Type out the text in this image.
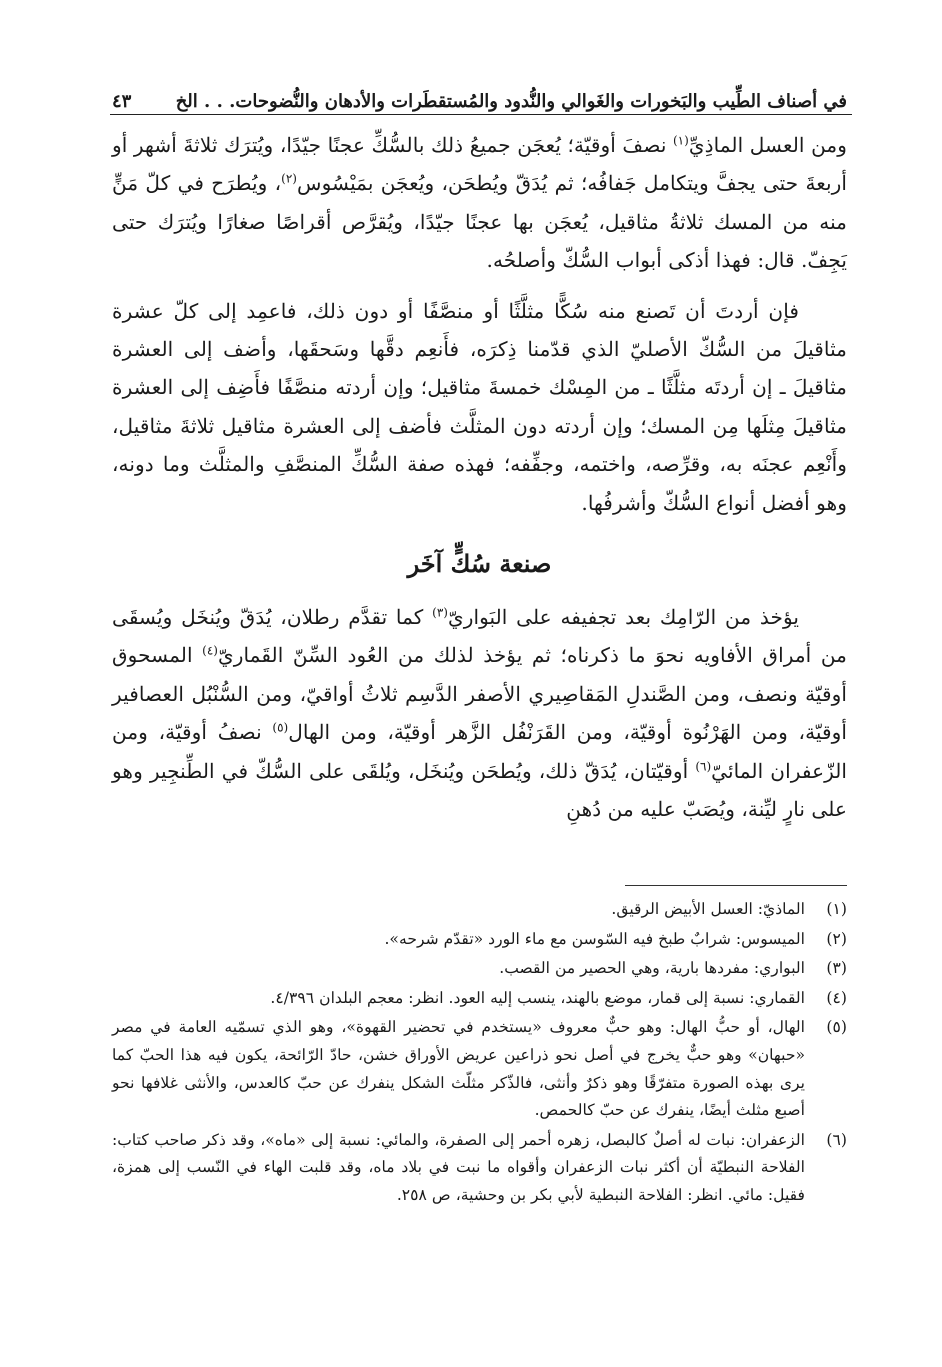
في أصناف الطِّيب والبَخورات والغَوالي والنُّدود والمُستقطَرات والأدهان والنُّضوحات. . . الخ
٤٣

ومن العسل الماذِيِّ$^{(١)}$ نصفَ أوقيّة؛ يُعجَن جميعُ ذلك بالسُّكِّ عجنًا جيّدًا، ويُترَك ثلاثةَ أشهر أو أربعةَ حتى يجفَّ ويتكامل جَفافُه؛ ثم يُدَقّ ويُطحَن، ويُعجَن بمَيْسُوس$^{(٢)}$، ويُطرَح في كلّ مَنٍّ منه من المسك ثلاثةُ مثاقيل، يُعجَن بها عجنًا جيّدًا، ويُقرَّص أقراصًا صغارًا ويُترَك حتى يَجِفّ. قال: فهذا أذكى أبواب السُّكّ وأصلحُه.

فإن أردتَ أن تَصنع منه سُكًّا مثلَّثًا أو منصَّفًا أو دون ذلك، فاعمِد إلى كلّ عشرة مثاقيلَ من السُّكّ الأصليّ الذي قدّمنا ذِكرَه، فأَنعِم دقَّها وسَحقَها، وأضف إلى العشرة مثاقيلَ ـ إن أردتَه مثلَّثًا ـ من المِسْك خمسةَ مثاقيل؛ وإن أردته منصَّفًا فأَضِف إلى العشرة مثاقيلَ مِثلَها مِن المسك؛ وإن أردته دون المثلَّث فأضف إلى العشرة مثاقيل ثلاثةَ مثاقيل، وأَنْعِم عجنَه به، وقرِّصه، واختمه، وجفِّفه؛ فهذه صفة السُّكِّ المنصَّفِ والمثلَّث وما دونه، وهو أفضل أنواع السُّكّ وأشرفُها.

صنعة سُكٍّ آخَر

يؤخذ من الرّامِك بعد تجفيفه على البَواريّ$^{(٣)}$ كما تقدَّم رطلان، يُدَقّ ويُنخَل ويُسقَى من أمراق الأفاويه نحوَ ما ذكرناه؛ ثم يؤخذ لذلك من العُود السِّنّ القَماريّ$^{(٤)}$ المسحوق أوقيّة ونصف، ومن الصَّندلِ المَقاصِيري الأصفر الدَّسِم ثلاثُ أواقيّ، ومن السُّنْبُل العصافير أوقيّة، ومن الهَرْنُوة أوقيّة، ومن القَرَنْفُل الزَّهر أوقيّة، ومن الهال$^{(٥)}$ نصفُ أوقيّة، ومن الزّعفران المائيّ$^{(٦)}$ أوقيّتان، يُدَقّ ذلك، ويُطحَن ويُنخَل، ويُلقَى على السُّكّ في الطِّنجِير وهو على نارٍ ليِّنة، ويُصَبّ عليه من دُهنِ

(١)
الماذيّ: العسل الأبيض الرقيق.
(٢)
الميسوس: شرابٌ طبخ فيه السّوسن مع ماء الورد «تقدّم شرحه».
(٣)
البواري: مفردها بارية، وهي الحصير من القصب.
(٤)
القماري: نسبة إلى قمار، موضع بالهند، ينسب إليه العود. انظر: معجم البلدان ٤/٣٩٦.
(٥)
الهال، أو حبُّ الهال: وهو حبٌّ معروف «يستخدم في تحضير القهوة»، وهو الذي تسمّيه العامة في مصر «حبهان» وهو حبٌّ يخرج في أصل نحو ذراعين عريض الأوراق خشن، حادّ الرّائحة، يكون فيه هذا الحبّ كما يرى بهذه الصورة متفرّقًا وهو ذكرٌ وأنثى، فالذّكر مثلّث الشكل ينفرك عن حبّ كالعدس، والأنثى غلافها نحو أصبع مثلث أيضًا، ينفرك عن حبّ كالحمص.
(٦)
الزعفران: نبات له أصلٌ كالبصل، زهره أحمر إلى الصفرة، والمائي: نسبة إلى «ماه»، وقد ذكر صاحب كتاب: الفلاحة النبطيّة أن أكثر نبات الزعفران وأقواه ما نبت في بلاد ماه، وقد قلبت الهاء في النّسب إلى همزة، فقيل: مائي. انظر: الفلاحة النبطية لأبي بكر بن وحشية، ص ٢٥٨.
